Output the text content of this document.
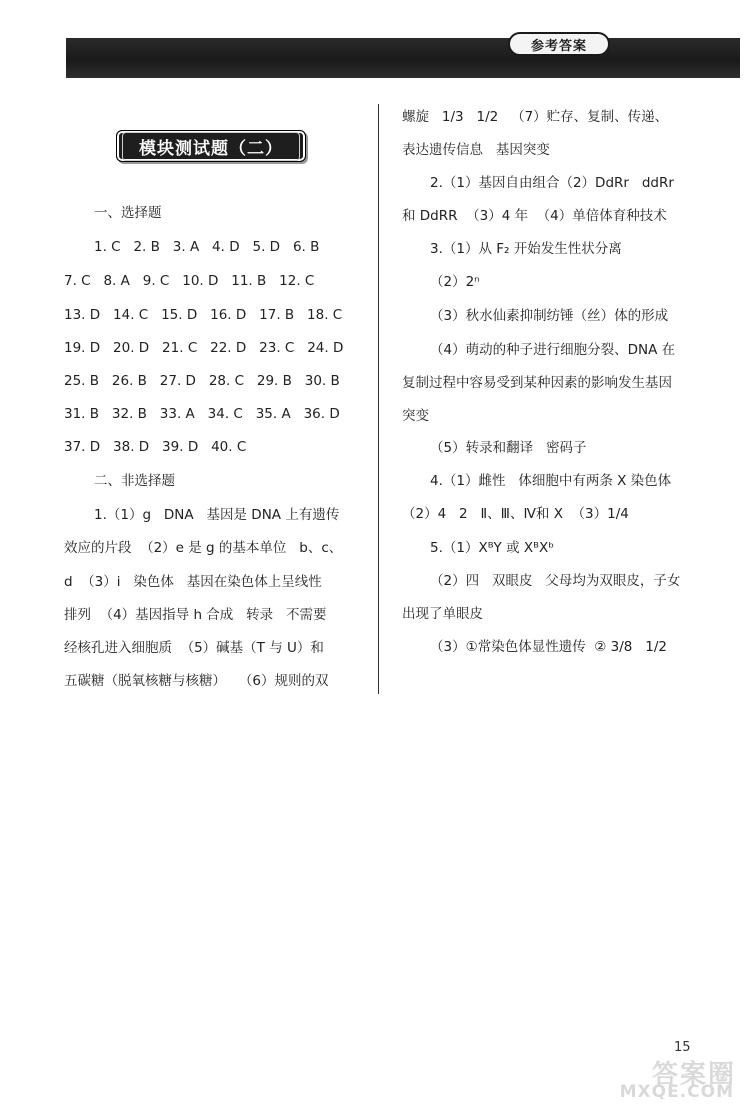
参考答案
模块测试题（二）
一、选择题
1. C   2. B   3. A   4. D   5. D   6. B
7. C   8. A   9. C   10. D   11. B   12. C
13. D   14. C   15. D   16. D   17. B   18. C
19. D   20. D   21. C   22. D   23. C   24. D
25. B   26. B   27. D   28. C   29. B   30. B
31. B   32. B   33. A   34. C   35. A   36. D
37. D   38. D   39. D   40. C
二、非选择题
1.（1）g   DNA   基因是 DNA 上有遗传
效应的片段  （2）e 是 g 的基本单位   b、c、
d  （3）i   染色体   基因在染色体上呈线性
排列  （4）基因指导 h 合成   转录   不需要
经核孔进入细胞质  （5）碱基（T 与 U）和
五碳糖（脱氧核糖与核糖）   （6）规则的双
螺旋   1/3   1/2   （7）贮存、复制、传递、
表达遗传信息   基因突变
2.（1）基因自由组合（2）DdRr   ddRr
和 DdRR  （3）4 年  （4）单倍体育种技术
3.（1）从 F₂ 开始发生性状分离
（2）2ⁿ
（3）秋水仙素抑制纺锤（丝）体的形成
（4）萌动的种子进行细胞分裂、DNA 在
复制过程中容易受到某种因素的影响发生基因
突变
（5）转录和翻译   密码子
4.（1）雌性   体细胞中有两条 X 染色体
（2）4   2   Ⅱ、Ⅲ、Ⅳ和 X  （3）1/4
5.（1）XᴮY 或 XᴮXᵇ
（2）四   双眼皮   父母均为双眼皮，子女
出现了单眼皮
（3）①常染色体显性遗传  ② 3/8   1/2
15
答案圈
MXQE.COM
